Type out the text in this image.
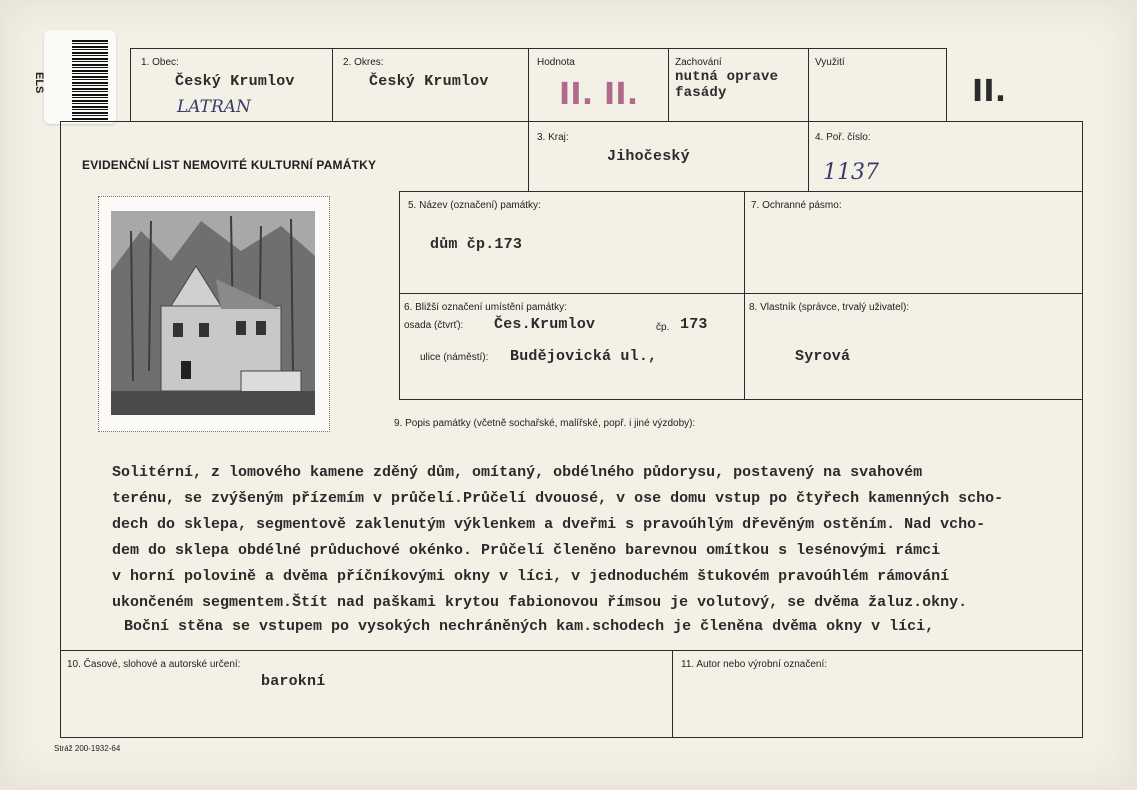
ELS
1. Obec:
Český Krumlov
LATRAN
2. Okres:
Český Krumlov
Hodnota
II. II.
Zachování
nutná oprave
fasády
Využití
II.
EVIDENČNÍ LIST NEMOVITÉ KULTURNÍ PAMÁTKY
3. Kraj:
Jihočeský
4. Poř. číslo:
1137
5. Název (označení) památky:
dům čp.173
7. Ochranné pásmo:
6. Bližší označení umístění památky:
osada (čtvrť): Čes.Krumlov	čp. 173
ulice (náměstí): Budějovická ul.,
8. Vlastník (správce, trvalý uživatel):
Syrová
9. Popis památky (včetně sochařské, malířské, popř. i jiné výzdoby):
Solitérní, z lomového kamene zděný dům, omítaný, obdélného půdorysu, postavený na svahovém
terénu, se zvýšeným přízemím v průčelí.Průčelí dvouosé, v ose domu vstup po čtyřech kamenných scho-
dech do sklepa, segmentově zaklenutým výklenkem a dveřmi s pravoúhlým dřevěným ostěním. Nad vcho-
dem do sklepa obdélné průduchové okénko. Průčelí členěno barevnou omítkou s lesénovými rámci
v horní polovině a dvěma příčníkovými okny v líci, v jednoduchém štukovém pravoúhlém rámování
ukončeném segmentem.Štít nad paškami krytou fabionovou římsou je volutový, se dvěma žaluz.okny.
Boční stěna se vstupem po vysokých nechráněných kam.schodech je členěna dvěma okny v líci,
10. Časové, slohové a autorské určení:
barokní
11. Autor nebo výrobní označení:
Stráž 200-1932-64
